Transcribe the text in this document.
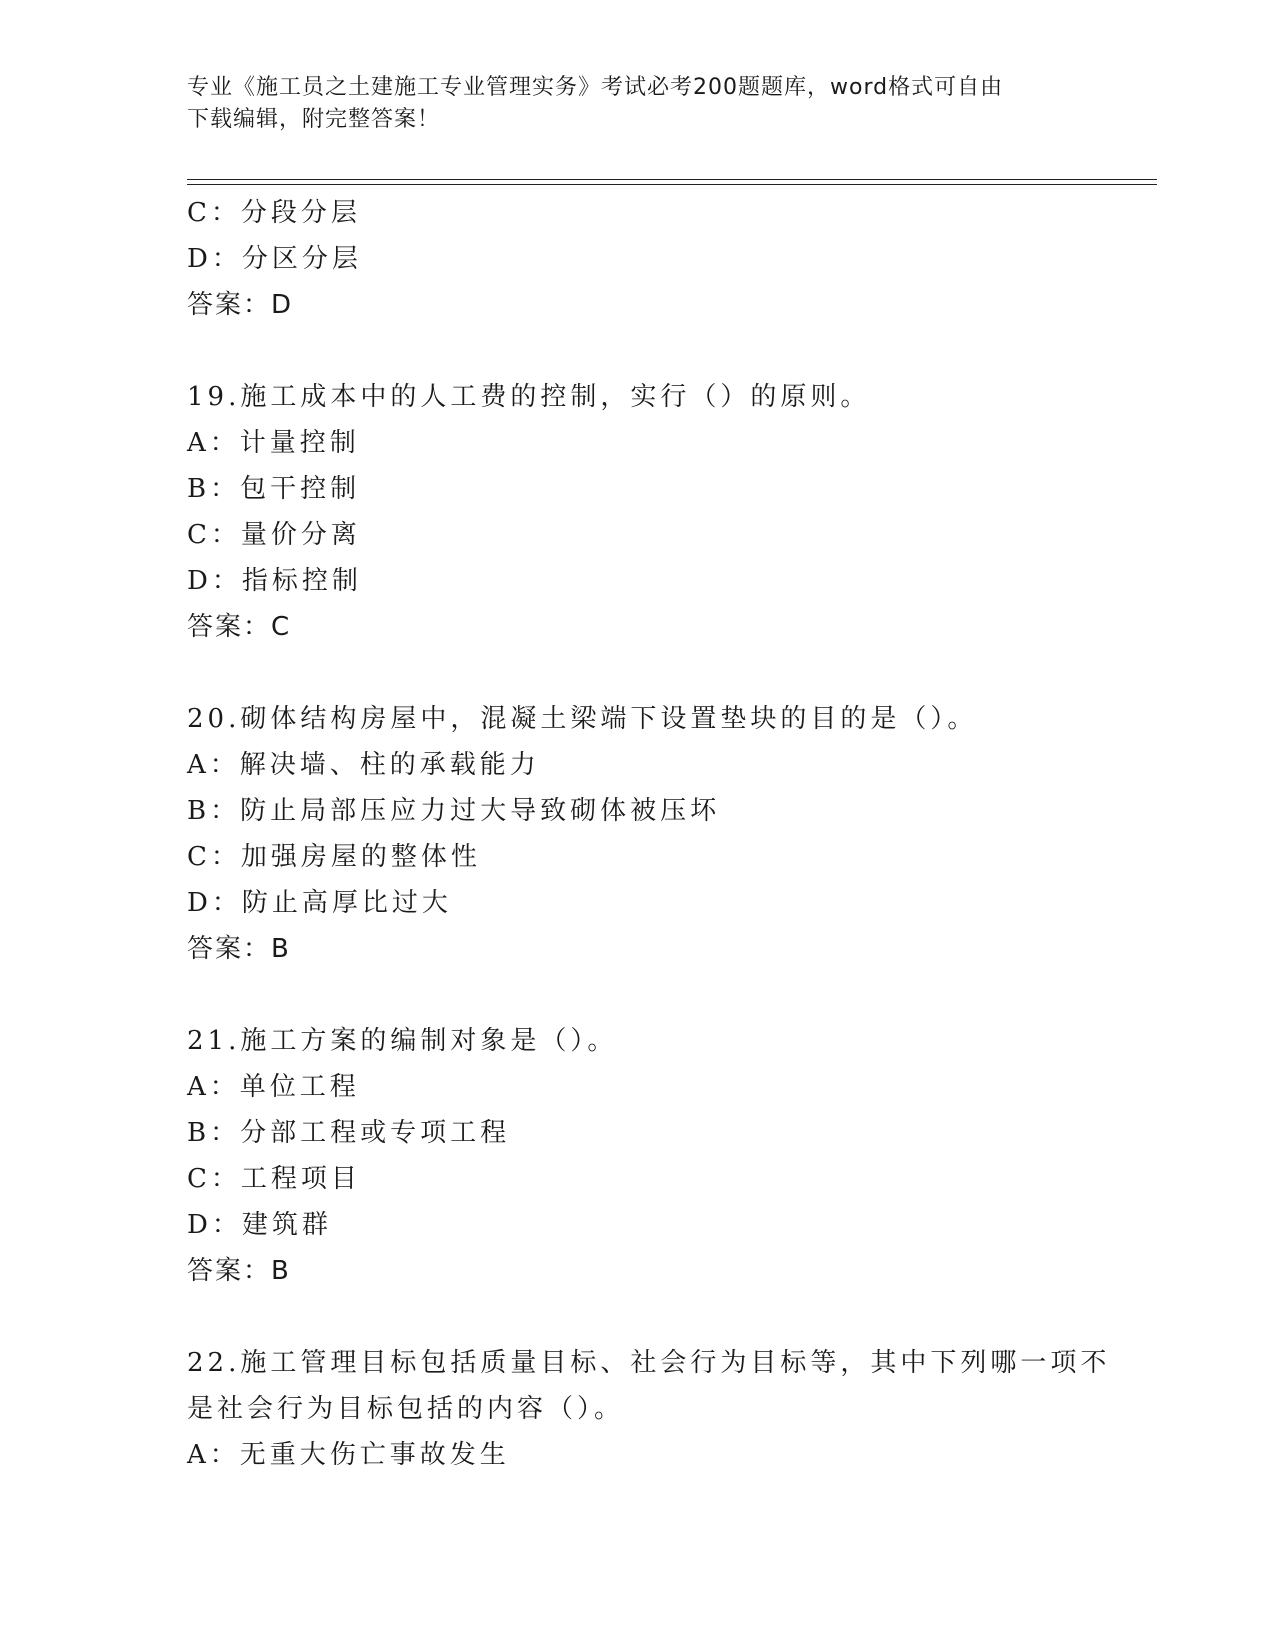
专业《施工员之土建施工专业管理实务》考试必考200题题库，word格式可自由
下载编辑，附完整答案！
C：分段分层
D：分区分层
答案：D
19.施工成本中的人工费的控制，实行（）的原则。
A：计量控制
B：包干控制
C：量价分离
D：指标控制
答案：C
20.砌体结构房屋中，混凝土梁端下设置垫块的目的是（）。
A：解决墙、柱的承载能力
B：防止局部压应力过大导致砌体被压坏
C：加强房屋的整体性
D：防止高厚比过大
答案：B
21.施工方案的编制对象是（）。
A：单位工程
B：分部工程或专项工程
C：工程项目
D：建筑群
答案：B
22.施工管理目标包括质量目标、社会行为目标等，其中下列哪一项不
是社会行为目标包括的内容（）。
A：无重大伤亡事故发生
